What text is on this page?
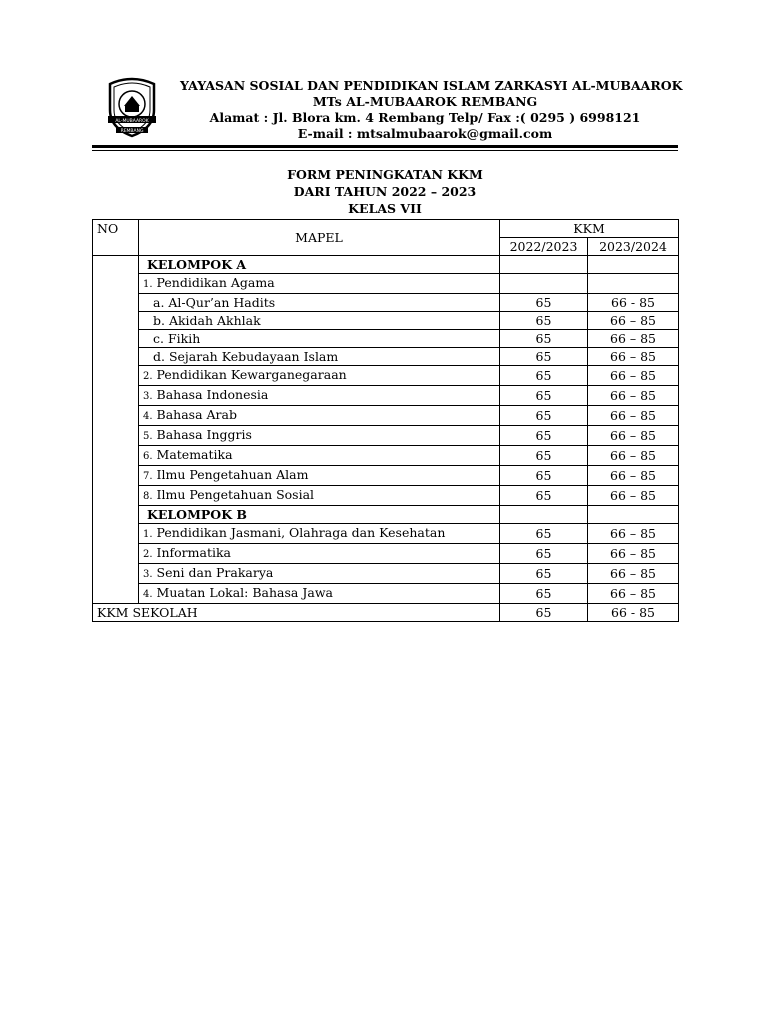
AL-MUBAAROK
REMBANG
YAYASAN SOSIAL DAN PENDIDIKAN ISLAM ZARKASYI AL-MUBAAROK
MTs AL-MUBAAROK REMBANG
Alamat : Jl. Blora km. 4 Rembang Telp/ Fax :( 0295 ) 6998121
E-mail : mtsalmubaarok@gmail.com
FORM PENINGKATAN KKM
DARI TAHUN 2022 – 2023
KELAS VII
NO	MAPEL	KKM	
		2022/2023	2023/2024
	KELOMPOK A		
	1. Pendidikan Agama		
	a. Al-Qur’an Hadits	65	66 - 85
	b. Akidah Akhlak	65	66 – 85
	c. Fikih	65	66 – 85
	d. Sejarah Kebudayaan Islam	65	66 – 85
	2. Pendidikan Kewarganegaraan	65	66 – 85
	3. Bahasa Indonesia	65	66 – 85
	4. Bahasa Arab	65	66 – 85
	5. Bahasa Inggris	65	66 – 85
	6. Matematika	65	66 – 85
	7. Ilmu Pengetahuan Alam	65	66 – 85
	8. Ilmu Pengetahuan Sosial	65	66 – 85
	KELOMPOK B		
	1. Pendidikan Jasmani, Olahraga dan Kesehatan	65	66 – 85
	2. Informatika	65	66 – 85
	3. Seni dan Prakarya	65	66 – 85
	4. Muatan Lokal: Bahasa Jawa	65	66 – 85
KKM SEKOLAH		65	66 - 85
